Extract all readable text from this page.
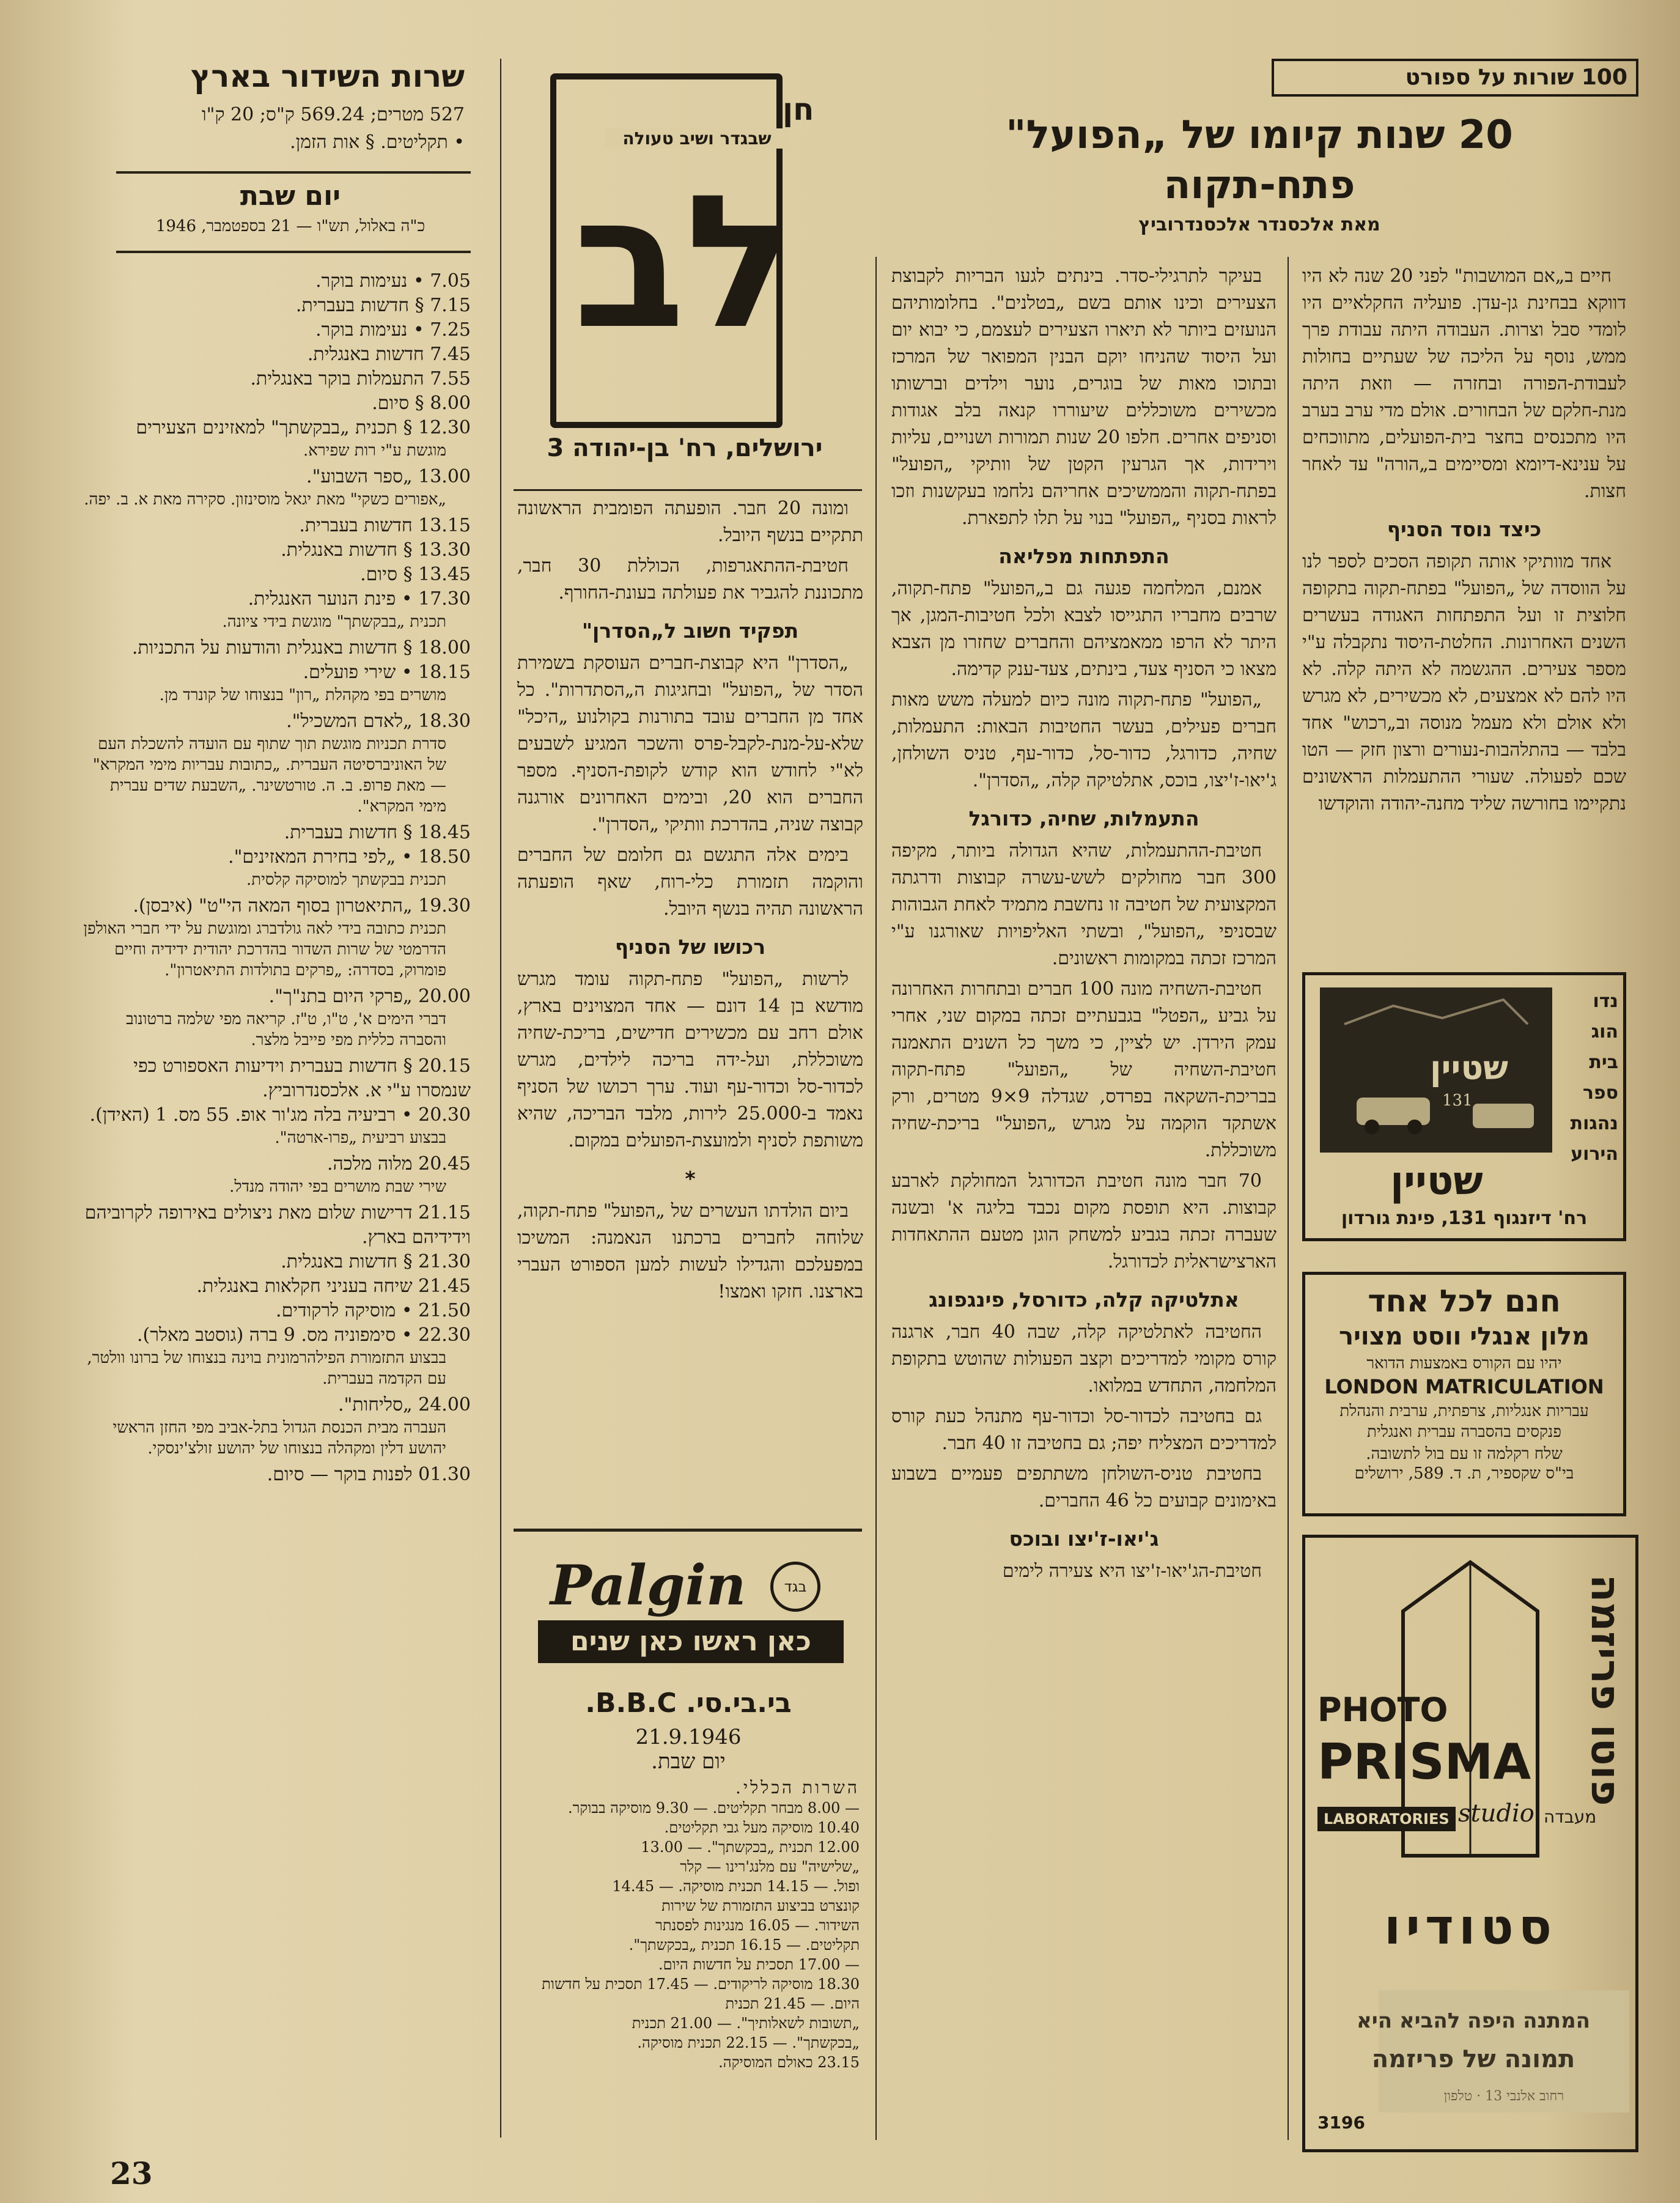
100 שורות על ספורט
20 שנות קיומו של „הפועל"
פתח-תקוה
מאת אלכסנדר אלכסנדרוביץ

חיים ב„אם המושבות" לפני 20 שנה לא היו דווקא בבחינת גן-עדן. פועליה החקלאיים היו לומדי סבל וצרות. העבודה היתה עבודת פרך ממש, נוסף על הליכה של שעתיים בחולות לעבודת-הפורה ובחזרה — וזאת היתה מנת-חלקם של הבחורים. אולם מדי ערב בערב היו מתכנסים בחצר בית-הפועלים, מתווכחים על ענינא-דיומא ומסיימים ב„הורה" עד לאחר חצות.

כיצד נוסד הסניף

אחד מוותיקי אותה תקופה הסכים לספר לנו על הווסדה של „הפועל" בפתח-תקוה בתקופה חלוצית זו ועל התפתחות האגודה בעשרים השנים האחרונות. החלטת-היסוד נתקבלה ע"י מספר צעירים. ההגשמה לא היתה קלה. לא היו להם לא אמצעים, לא מכשירים, לא מגרש ולא אולם ולא מעמל מנוסה וב„רכוש" אחד בלבד — בהתלהבות-נעורים ורצון חזק — הטו שכם לפעולה. שעורי ההתעמלות הראשונים נתקיימו בחורשה שליד מחנה-יהודה והוקדשו

נדו
הוג
בית
ספר
נהגות
הירוע
שטיין
131
שטיין
רח' דיזנגוף 131, פינת גורדון
חנם לכל אחד
מלון אנגלי ווסט מצויר
יהיו עם הקורס באמצעות הדואר
LONDON MATRICULATION
עבריות אנגליות, צרפתית, ערבית והנהלת פנקסים בהסברה עברית ואנגלית
שלח רקלמה זו עם בול לתשובה.
בי"ס שקספיר, ת. ד. 589, ירושלים
PHOTO
PRISMA פוטו פריזמה
LABORATORIES studio מעבדה
סטודיו
המתנה היפה להביא היא
תמונה של פריזמה
רחוב אלנבי 13 · טלפון
3196

בעיקר לתרגילי-סדר. בינתים לגעו הבריות לקבוצת הצעירים וכינו אותם בשם „בטלנים". בחלומותיהם הנועזים ביותר לא תיארו הצעירים לעצמם, כי יבוא יום ועל היסוד שהניחו יוקם הבנין המפואר של המרכז ובתוכו מאות של בוגרים, נוער וילדים וברשותו מכשירים משוכללים שיעוררו קנאה בלב אגודות וסניפים אחרים. חלפו 20 שנות תמורות ושנויים, עליות וירידות, אך הגרעין הקטן של וותיקי „הפועל" בפתח-תקוה והממשיכים אחריהם נלחמו בעקשנות וזכו לראות בסניף „הפועל" בנוי על תלו לתפארת.

התפתחות מפליאה

אמנם, המלחמה פגעה גם ב„הפועל" פתח-תקוה, שרבים מחבריו התגייסו לצבא ולכל חטיבות-המגן, אך היתר לא הרפו ממאמציהם והחברים שחזרו מן הצבא מצאו כי הסניף צעד, בינתים, צעד-ענק קדימה.

„הפועל" פתח-תקוה מונה כיום למעלה משש מאות חברים פעילים, בעשר החטיבות הבאות: התעמלות, שחיה, כדורגל, כדור-סל, כדור-עף, טניס השולחן, ג'יאו-ז'יצו, בוכס, אתלטיקה קלה, „הסדרן".

התעמלות, שחיה, כדורגל

חטיבת-ההתעמלות, שהיא הגדולה ביותר, מקיפה 300 חבר מחולקים לשש-עשרה קבוצות ודרגתה המקצועית של חטיבה זו נחשבת מתמיד לאחת הגבוהות שבסניפי „הפועל", ובשתי האליפויות שאורגנו ע"י המרכז זכתה במקומות ראשונים.

חטיבת-השחיה מונה 100 חברים ובתחרות האחרונה על גביע „הפטל" בגבעתיים זכתה במקום שני, אחרי עמק הירדן. יש לציין, כי משך כל השנים התאמנה חטיבת-השחיה של „הפועל" פתח-תקוה בבריכת-השקאה בפרדס, שגדלה 9×9 מטרים, ורק אשתקד הוקמה על מגרש „הפועל" בריכת-שחיה משוכללת.

70 חבר מונה חטיבת הכדורגל המחולקת לארבע קבוצות. היא תופסת מקום נכבד בליגה א' ובשנה שעברה זכתה בגביע למשחק הוגן מטעם ההתאחדות הארצישראלית לכדורגל.

אתלטיקה קלה, כדורסל, פינגפונג

החטיבה לאתלטיקה קלה, שבה 40 חבר, ארגנה קורס מקומי למדריכים וקצב הפעולות שהוטש בתקופת המלחמה, התחדש במלואו.

גם בחטיבה לכדור-סל וכדור-עף מתנהל כעת קורס למדריכים המצליח יפה; גם בחטיבה זו 40 חבר.

בחטיבת טניס-השולחן משתתפים פעמיים בשבוע באימונים קבועים כל 46 החברים.

ג'יאו-ז'יצו ובוכס

חטיבת-הג'יאו-ז'יצו היא צעירה לימים

לב
שבגדר ושיב טעולה
חן
ירושלים, רח' בן-יהודה 3

ומונה 20 חבר. הופעתה הפומבית הראשונה תתקיים בנשף היובל.

חטיבת-ההתאגרפות, הכוללת 30 חבר, מתכוננת להגביר את פעולתה בעונת-החורף.

תפקיד חשוב ל„הסדרן"

„הסדרן" היא קבוצת-חברים העוסקת בשמירת הסדר של „הפועל" ובחגיגות ה„הסתדרות". כל אחד מן החברים עובד בתורנות בקולנוע „היכל" שלא-על-מנת-לקבל-פרס והשכר המגיע לשבעים לא"י לחודש הוא קודש לקופת-הסניף. מספר החברים הוא 20, ובימים האחרונים אורגנה קבוצה שניה, בהדרכת וותיקי „הסדרן".

בימים אלה התגשם גם חלומם של החברים והוקמה תזמורת כלי-רוח, שאף הופעתה הראשונה תהיה בנשף היובל.

רכושו של הסניף

לרשות „הפועל" פתח-תקוה עומד מגרש מודשא בן 14 דונם — אחד המצוינים בארץ, אולם רחב עם מכשירים חדישים, בריכת-שחיה משוכללת, ועל-ידה בריכה לילדים, מגרש לכדור-סל וכדור-עף ועוד. ערך רכושו של הסניף נאמד ב-25.000 לירות, מלבד הבריכה, שהיא משותפת לסניף ולמועצת-הפועלים במקום.

*

ביום הולדתו העשרים של „הפועל" פתח-תקוה, שלוחה לחברים ברכתנו הנאמנה: המשיכו במפעלכם והגדילו לעשות למען הספורט העברי בארצנו. חזקו ואמצו!

Palgin	בגד
כאן ראשו כאן שנים
בי.בי.סי. B.B.C.
21.9.1946
יום שבת.
השרות הכללי.
— 8.00 מבחר תקליטים. — 9.30 מוסיקה בבוקר.
10.40 מוסיקה מעל גבי תקליטים.
12.00 תכנית „בכקשתך". — 13.00
„שלישיה" עם מלנג'רינו — קלר
ופול. — 14.15 תכנית מוסיקה. — 14.45
קונצרט בביצוע התזמורת של שירות
השידור. — 16.05 מנגינות לפסנתר
תקליטים. — 16.15 תכנית „בכקשתך".
— 17.00 תסכית על חדשות היום.
18.30 מוסיקה לריקודים. — 17.45 תסכית על חדשות היום. — 21.45 תכנית
„תשובות לשאלותיך". — 21.00 תכנית
„בכקשתך". — 22.15 תכנית מוסיקה.
23.15 כאולם המוסיקה.
שרות השידור בארץ
527 מטרים; 569.24 ק"ס; 20 ק"ו
• תקליטים. § אות הזמן.
יום שבת
כ"ה באלול, תש"ו — 21 בספטמבר, 1946

7.05 • נעימות בוקר.

7.15 § חדשות בעברית.

7.25 • נעימות בוקר.

7.45 חדשות באנגלית.

7.55 התעמלות בוקר באנגלית.

8.00 § סיום.

12.30 § תכנית „בבקשתך" למאזינים הצעירים

מוגשת ע"י רות שפירא.

13.00 „ספר השבוע".

„אפורים כשקי" מאת יגאל מוסינזון. סקירה מאת א. ב. יפה.

13.15 חדשות בעברית.

13.30 § חדשות באנגלית.

13.45 § סיום.

17.30 • פינת הנוער האנגלית.

תכנית „בבקשתך" מוגשת בידי ציונה.

18.00 § חדשות באנגלית והודעות על התכניות.

18.15 • שירי פועלים.

מושרים בפי מקהלת „רון" בנצוחו של קונרד מן.

18.30 „לאדם המשכיל".

סדרת תכניות מוגשת תוך שתוף עם הועדה להשכלת העם של האוניברסיטה העברית. „כתובות עבריות מימי המקרא" — מאת פרופ. ב. ה. טורטשינר. „השבעת שדים עברית מימי המקרא".

18.45 § חדשות בעברית.

18.50 • „לפי בחירת המאזינים".

תכנית בבקשתך למוסיקה קלסית.

19.30 „התיאטרון בסוף המאה הי"ט" (איבסן).

תכנית כתובה בידי לאה גולדברג ומוגשת על ידי חברי האולפן הדרמטי של שרות השדור בהדרכת יהודית ידידיה וחיים פומרוק, בסדרה: „פרקים בתולדות התיאטרון".

20.00 „פרקי היום בתנ"ך".

דברי הימים א', ט"ו, ט"ז. קריאה מפי שלמה ברטונוב והסברה כללית מפי פייבל מלצר.

20.15 § חדשות בעברית וידיעות האספורט כפי שנמסרו ע"י א. אלכסנדרוביץ.

20.30 • רביעיה בלה מג'ור אופ. 55 מס. 1 (האידן).

בבצוע רביעית „פרו-ארטה".

20.45 מלוה מלכה.

שירי שבת מושרים בפי יהודה מנדל.

21.15 דרישות שלום מאת ניצולים באירופה לקרוביהם וידידיהם בארץ.

21.30 § חדשות באנגלית.

21.45 שיחה בעניני חקלאות באנגלית.

21.50 • מוסיקה לרקודים.

22.30 • סימפוניה מס. 9 ברה (גוסטב מאלר).

בבצוע התזמורת הפילהרמונית בוינה בנצוחו של ברונו וולטר, עם הקדמה בעברית.

24.00 „סליחות".

העברה מבית הכנסת הגדול בתל-אביב מפי החזן הראשי יהושע דלין ומקהלה בנצוחו של יהושע זולצ'ינסקי.

01.30 לפנות בוקר — סיום.

23
